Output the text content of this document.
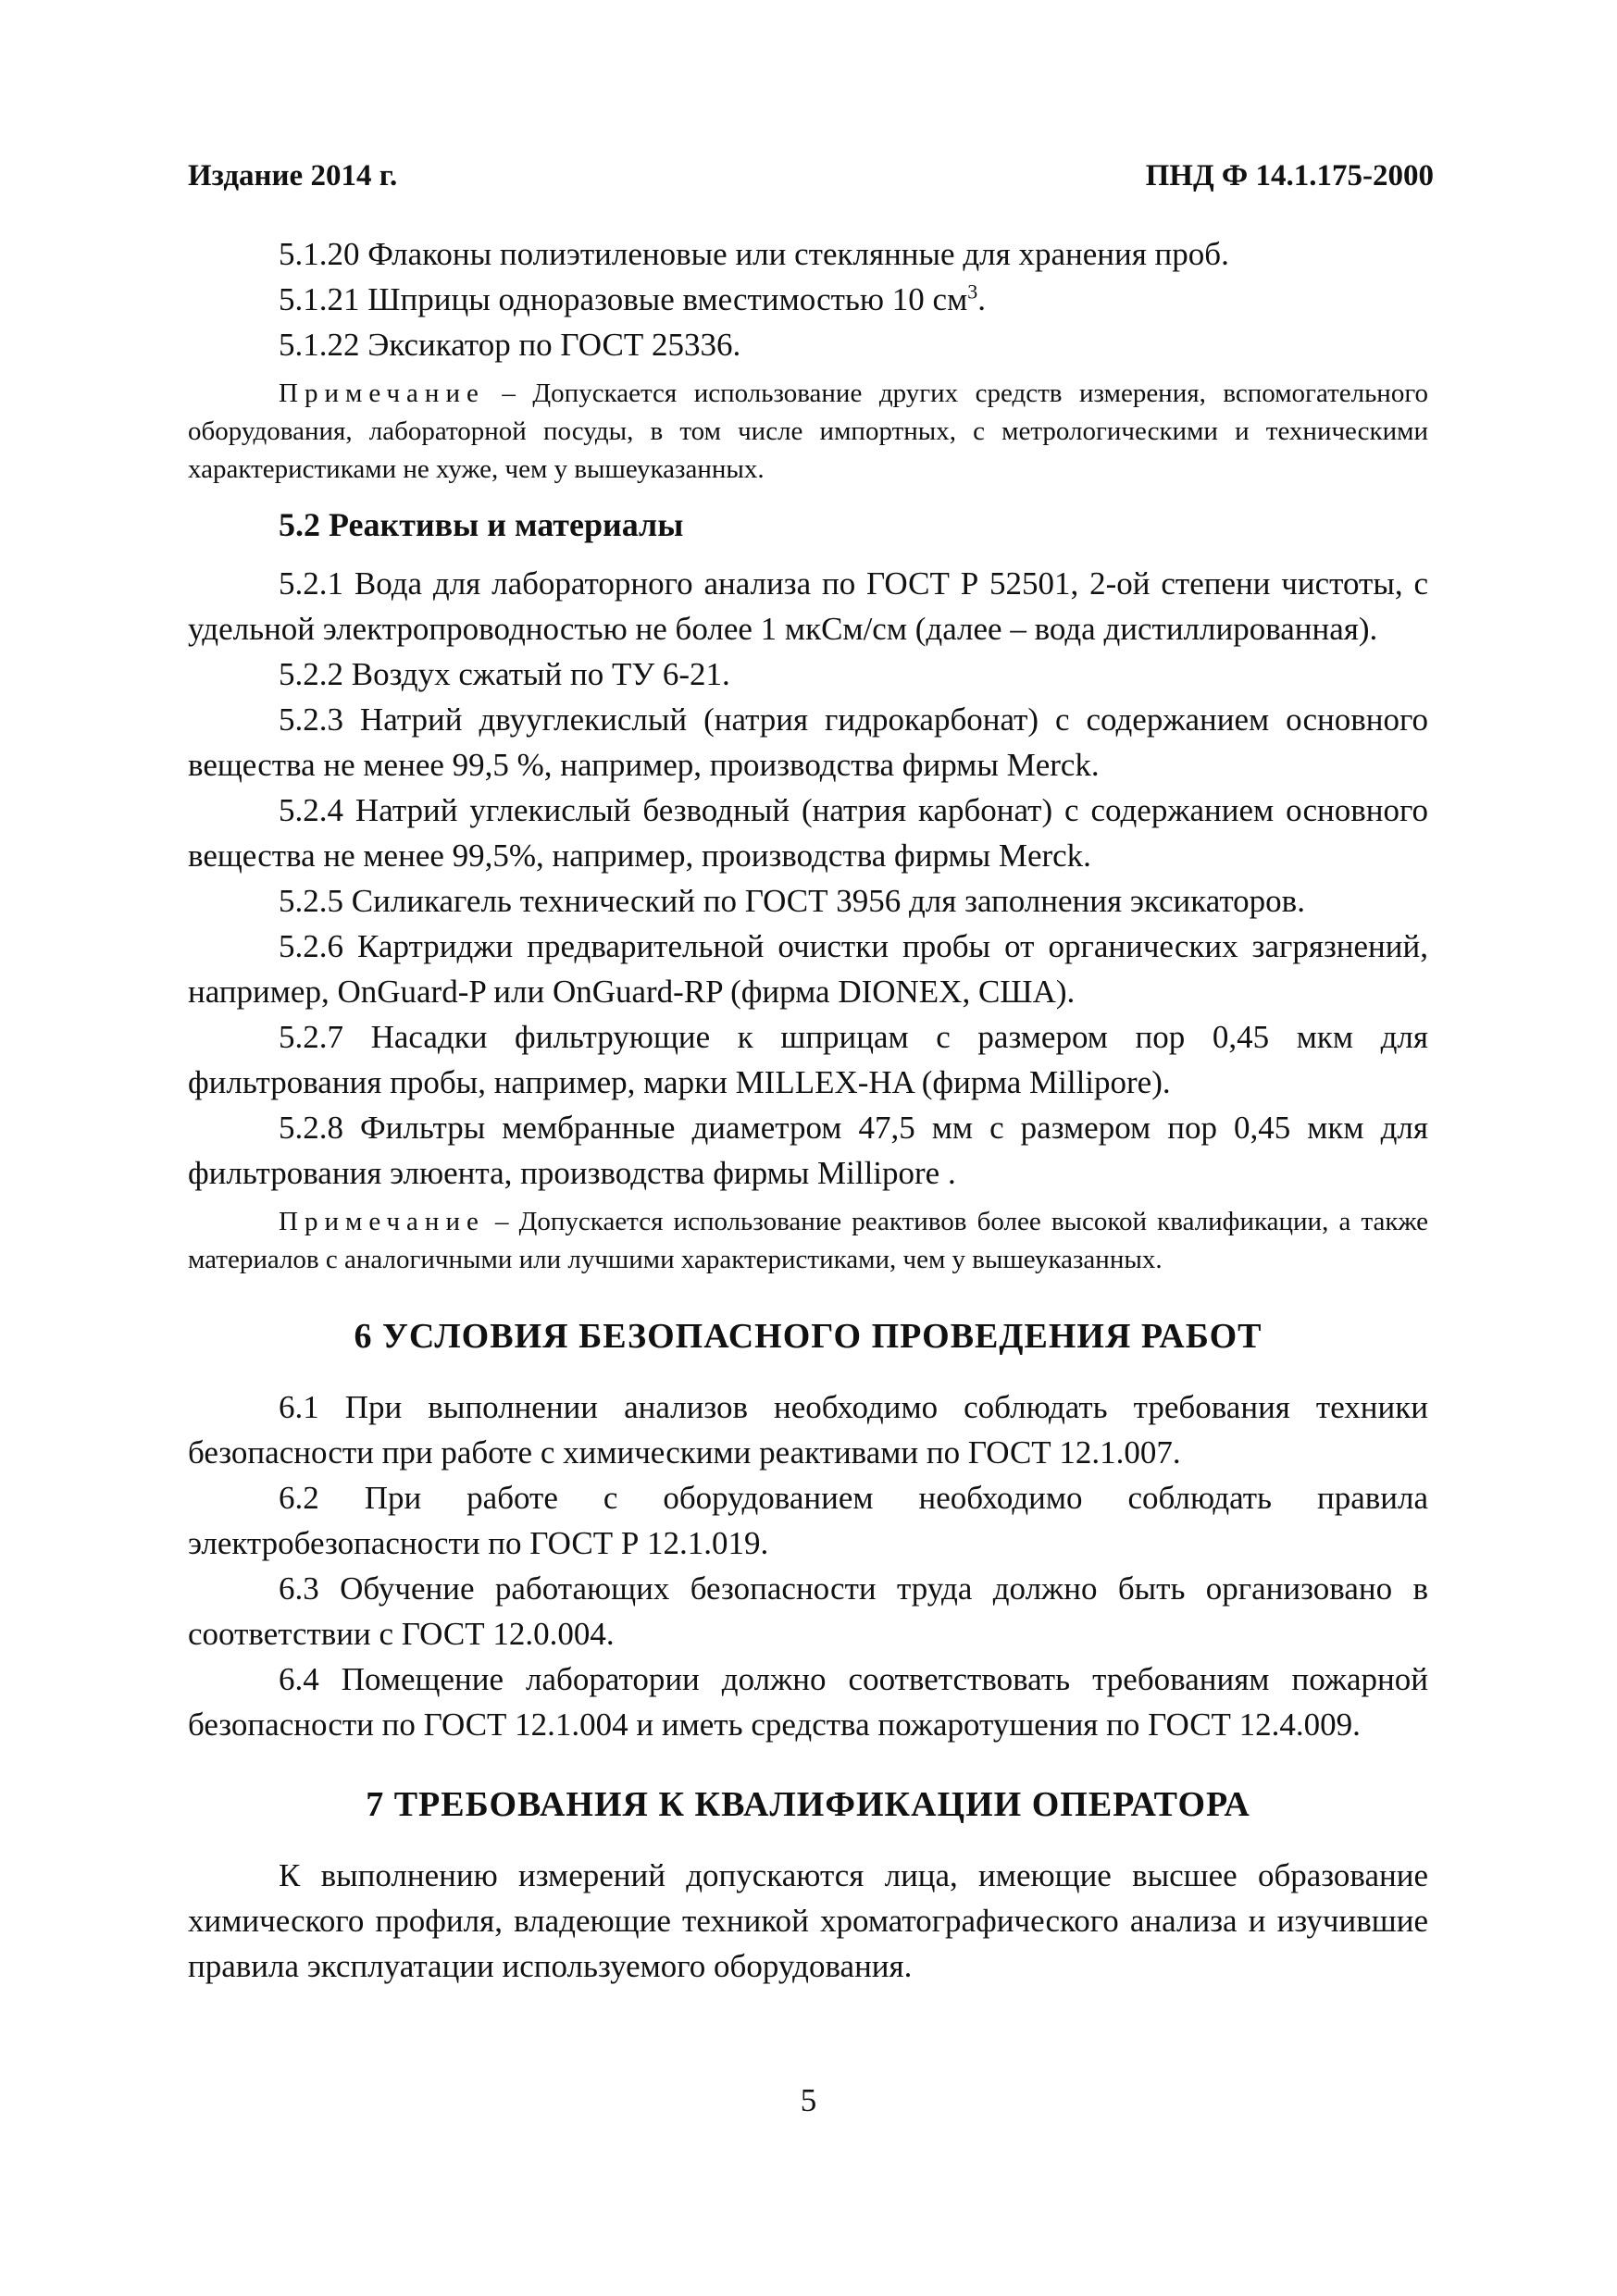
Издание 2014 г.	ПНД Ф 14.1.175-2000

5.1.20 Флаконы полиэтиленовые или стеклянные для хранения проб.

5.1.21 Шприцы одноразовые вместимостью 10 $см^3$.

5.1.22 Эксикатор по ГОСТ 25336.

Примечание – Допускается использование других средств измерения, вспомогательного оборудования, лабораторной посуды, в том числе импортных, с метрологическими и техническими характеристиками не хуже, чем у вышеуказанных.

5.2 Реактивы и материалы

5.2.1 Вода для лабораторного анализа по ГОСТ Р 52501, 2-ой степени чистоты, с удельной электропроводностью не более 1 мкСм/см (далее – вода дистиллированная).

5.2.2 Воздух сжатый по ТУ 6-21.

5.2.3 Натрий двууглекислый (натрия гидрокарбонат) с содержанием основного вещества не менее 99,5 %, например, производства фирмы Merck.

5.2.4 Натрий углекислый безводный (натрия карбонат) с содержанием основного вещества не менее 99,5%, например, производства фирмы Merck.

5.2.5 Силикагель технический по ГОСТ 3956 для заполнения эксикаторов.

5.2.6 Картриджи предварительной очистки пробы от органических загрязнений, например, OnGuard-P или OnGuard-RP (фирма DIONEX, США).

5.2.7 Насадки фильтрующие к шприцам с размером пор 0,45 мкм для фильтрования пробы, например, марки MILLEX-HA (фирма Millipore).

5.2.8 Фильтры мембранные диаметром 47,5 мм с размером пор 0,45 мкм для фильтрования элюента, производства фирмы Millipore .

Примечание – Допускается использование реактивов более высокой квалификации, а также материалов с аналогичными или лучшими характеристиками, чем у вышеуказанных.

6 УСЛОВИЯ БЕЗОПАСНОГО ПРОВЕДЕНИЯ РАБОТ

6.1 При выполнении анализов необходимо соблюдать требования техники безопасности при работе с химическими реактивами по ГОСТ 12.1.007.

6.2 При работе с оборудованием необходимо соблюдать правила электробезопасности по ГОСТ Р 12.1.019.

6.3 Обучение работающих безопасности труда должно быть организовано в соответствии с ГОСТ 12.0.004.

6.4 Помещение лаборатории должно соответствовать требованиям пожарной безопасности по ГОСТ 12.1.004 и иметь средства пожаротушения по ГОСТ 12.4.009.

7 ТРЕБОВАНИЯ К КВАЛИФИКАЦИИ ОПЕРАТОРА

К выполнению измерений допускаются лица, имеющие высшее образование химического профиля, владеющие техникой хроматографического анализа и изучившие правила эксплуатации используемого оборудования.

5
